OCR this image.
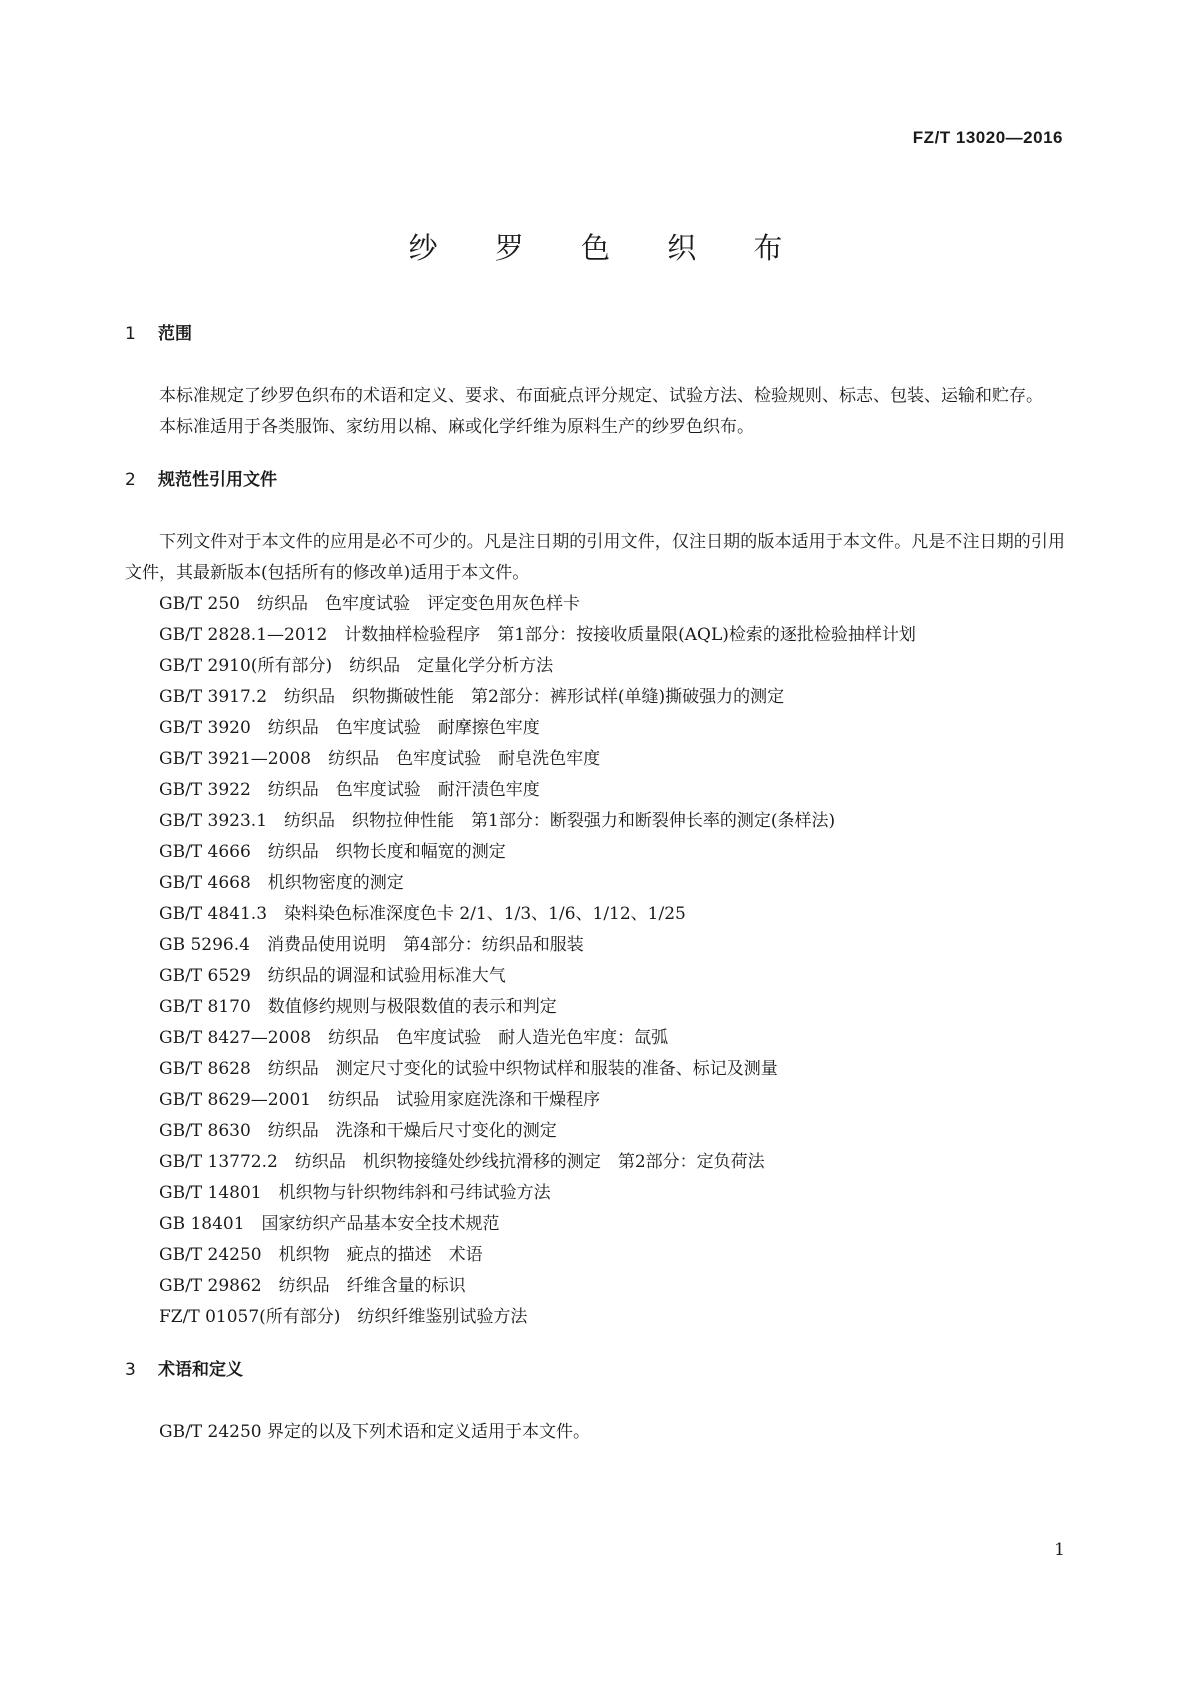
FZ/T 13020—2016
纱 罗 色 织 布
1 范围

本标准规定了纱罗色织布的术语和定义、要求、布面疵点评分规定、试验方法、检验规则、标志、包装、运输和贮存。

本标准适用于各类服饰、家纺用以棉、麻或化学纤维为原料生产的纱罗色织布。

2 规范性引用文件

下列文件对于本文件的应用是必不可少的。凡是注日期的引用文件，仅注日期的版本适用于本文件。凡是不注日期的引用文件，其最新版本(包括所有的修改单)适用于本文件。

GB/T 250　纺织品　色牢度试验　评定变色用灰色样卡
GB/T 2828.1—2012　计数抽样检验程序　第1部分：按接收质量限(AQL)检索的逐批检验抽样计划
GB/T 2910(所有部分)　纺织品　定量化学分析方法
GB/T 3917.2　纺织品　织物撕破性能　第2部分：裤形试样(单缝)撕破强力的测定
GB/T 3920　纺织品　色牢度试验　耐摩擦色牢度
GB/T 3921—2008　纺织品　色牢度试验　耐皂洗色牢度
GB/T 3922　纺织品　色牢度试验　耐汗渍色牢度
GB/T 3923.1　纺织品　织物拉伸性能　第1部分：断裂强力和断裂伸长率的测定(条样法)
GB/T 4666　纺织品　织物长度和幅宽的测定
GB/T 4668　机织物密度的测定
GB/T 4841.3　染料染色标准深度色卡 2/1、1/3、1/6、1/12、1/25
GB 5296.4　消费品使用说明　第4部分：纺织品和服装
GB/T 6529　纺织品的调湿和试验用标准大气
GB/T 8170　数值修约规则与极限数值的表示和判定
GB/T 8427—2008　纺织品　色牢度试验　耐人造光色牢度：氙弧
GB/T 8628　纺织品　测定尺寸变化的试验中织物试样和服装的准备、标记及测量
GB/T 8629—2001　纺织品　试验用家庭洗涤和干燥程序
GB/T 8630　纺织品　洗涤和干燥后尺寸变化的测定
GB/T 13772.2　纺织品　机织物接缝处纱线抗滑移的测定　第2部分：定负荷法
GB/T 14801　机织物与针织物纬斜和弓纬试验方法
GB 18401　国家纺织产品基本安全技术规范
GB/T 24250　机织物　疵点的描述　术语
GB/T 29862　纺织品　纤维含量的标识
FZ/T 01057(所有部分)　纺织纤维鉴别试验方法
3 术语和定义

GB/T 24250 界定的以及下列术语和定义适用于本文件。

1
